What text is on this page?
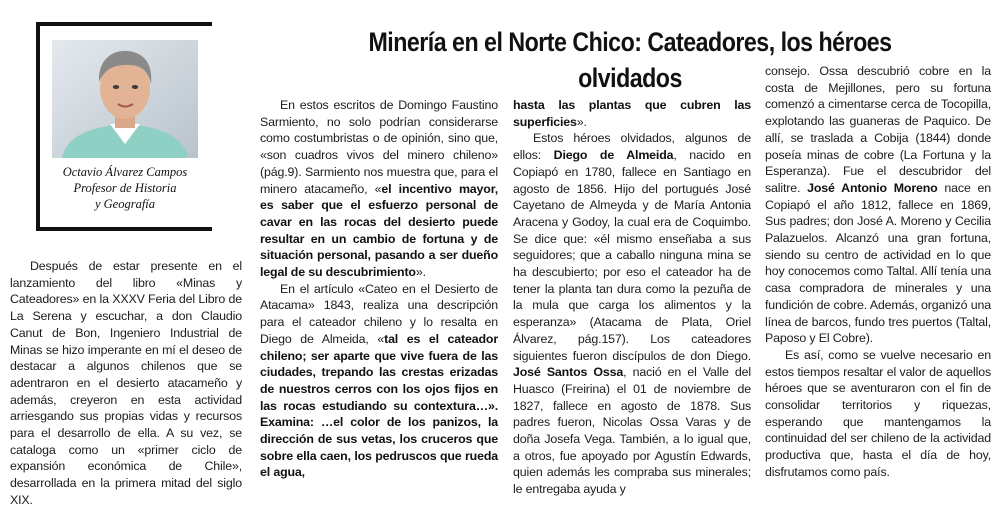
Minería en el Norte Chico: Cateadores, los héroes olvidados
Octavio Álvarez Campos
Profesor de Historia
y Geografía

Después de estar presente en el lanzamiento del libro «Minas y Cateadores» en la XXXV Feria del Libro de La Serena y escuchar, a don Claudio Canut de Bon, Ingeniero Industrial de Minas se hizo imperante en mí el deseo de destacar a algunos chilenos que se adentraron en el desierto atacameño y además, creyeron en esta actividad arriesgando sus propias vidas y recursos para el desarrollo de ella. A su vez, se cataloga como un «primer ciclo de expansión económica de Chile», desarrollada en la primera mitad del siglo XIX.

En estos escritos de Domingo Faustino Sarmiento, no solo podrían considerarse como costumbristas o de opinión, sino que, «son cuadros vivos del minero chileno» (pág.9). Sarmiento nos muestra que, para el minero atacameño, «el incentivo mayor, es saber que el esfuerzo personal de cavar en las rocas del desierto puede resultar en un cambio de fortuna y de situación personal, pasando a ser dueño legal de su descubrimiento».

En el artículo «Cateo en el Desierto de Atacama» 1843, realiza una descripción para el cateador chileno y lo resalta en Diego de Almeida, «tal es el cateador chileno; ser aparte que vive fuera de las ciudades, trepando las crestas erizadas de nuestros cerros con los ojos fijos en las rocas estudiando su contextura…». Examina: …el color de los panizos, la dirección de sus vetas, los cruceros que sobre ella caen, los pedruscos que rueda el agua,

hasta las plantas que cubren las superficies».

Estos héroes olvidados, algunos de ellos: Diego de Almeida, nacido en Copiapó en 1780, fallece en Santiago en agosto de 1856. Hijo del portugués José Cayetano de Almeyda y de María Antonia Aracena y Godoy, la cual era de Coquimbo. Se dice que: «él mismo enseñaba a sus seguidores; que a caballo ninguna mina se ha descubierto; por eso el cateador ha de tener la planta tan dura como la pezuña de la mula que carga los alimentos y la esperanza» (Atacama de Plata, Oriel Álvarez, pág.157). Los cateadores siguientes fueron discípulos de don Diego. José Santos Ossa, nació en el Valle del Huasco (Freirina) el 01 de noviembre de 1827, fallece en agosto de 1878. Sus padres fueron, Nicolas Ossa Varas y de doña Josefa Vega. También, a lo igual que, a otros, fue apoyado por Agustín Edwards, quien además les compraba sus minerales; le entregaba ayuda y

consejo. Ossa descubrió cobre en la costa de Mejillones, pero su fortuna comenzó a cimentarse cerca de Tocopilla, explotando las guaneras de Paquico. De allí, se traslada a Cobija (1844) donde poseía minas de cobre (La Fortuna y la Esperanza). Fue el descubridor del salitre. José Antonio Moreno nace en Copiapó el año 1812, fallece en 1869, Sus padres; don José A. Moreno y Cecilia Palazuelos. Alcanzó una gran fortuna, siendo su centro de actividad en lo que hoy conocemos como Taltal. Allí tenía una casa compradora de minerales y una fundición de cobre. Además, organizó una línea de barcos, fundo tres puertos (Taltal, Paposo y El Cobre).

Es así, como se vuelve necesario en estos tiempos resaltar el valor de aquellos héroes que se aventuraron con el fin de consolidar territorios y riquezas, esperando que mantengamos la continuidad del ser chileno de la actividad productiva que, hasta el día de hoy, disfrutamos como país.
